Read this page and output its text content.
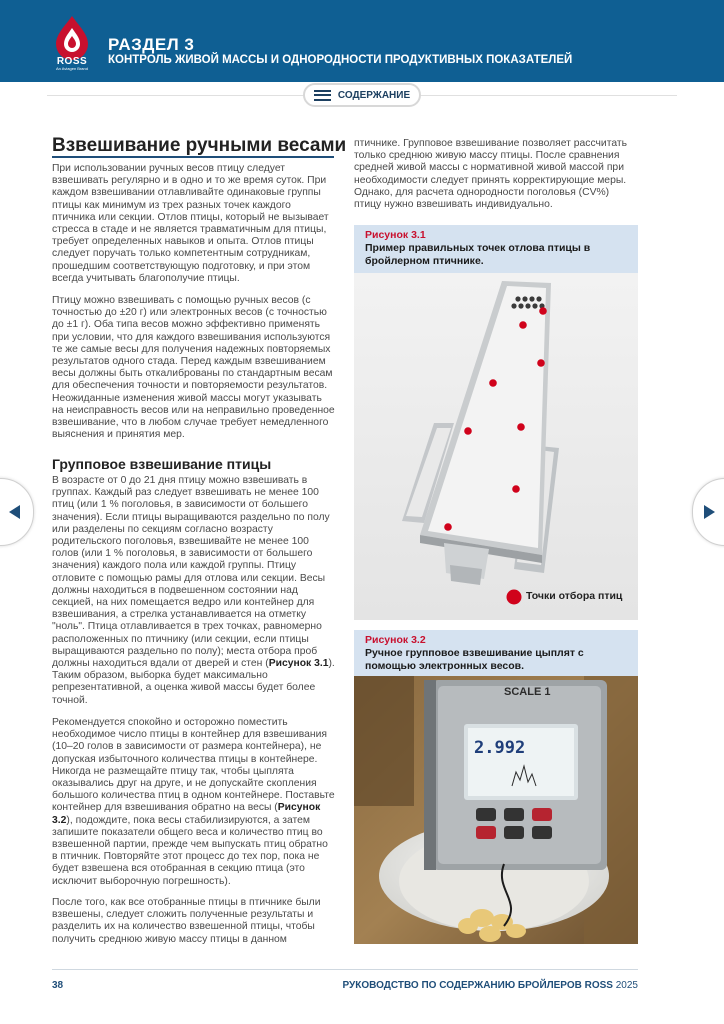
ROSS
An Aviagen Brand
РАЗДЕЛ 3
КОНТРОЛЬ ЖИВОЙ МАССЫ И ОДНОРОДНОСТИ ПРОДУКТИВНЫХ ПОКАЗАТЕЛЕЙ
СОДЕРЖАНИЕ
Взвешивание ручными весами

При использовании ручных весов птицу следует взвешивать регулярно и в одно и то же время суток. При каждом взвешивании отлавливайте одинаковые группы птицы как минимум из трех разных точек каждого птичника или секции. Отлов птицы, который не вызывает стресса в стаде и не является травматичным для птицы, требует определенных навыков и опыта. Отлов птицы следует поручать только компетентным сотрудникам, прошедшим соответствующую подготовку, и при этом всегда учитывать благополучие птицы.

Птицу можно взвешивать с помощью ручных весов (с точностью до ±20 г) или электронных весов (с точностью до ±1 г). Оба типа весов можно эффективно применять при условии, что для каждого взвешивания используются те же самые весы для получения надежных повторяемых результатов одного стада. Перед каждым взвешиванием весы должны быть откалиброваны по стандартным весам для обеспечения точности и повторяемости результатов. Неожиданные изменения живой массы могут указывать на неисправность весов или на неправильно проведенное взвешивание, что в любом случае требует немедленного выяснения и принятия мер.

Групповое взвешивание птицы

В возрасте от 0 до 21 дня птицу можно взвешивать в группах. Каждый раз следует взвешивать не менее 100 птиц (или 1 % поголовья, в зависимости от большего значения). Если птицы выращиваются раздельно по полу или разделены по секциям согласно возрасту родительского поголовья, взвешивайте не менее 100 голов (или 1 % поголовья, в зависимости от большего значения) каждого пола или каждой группы. Птицу отловите с помощью рамы для отлова или секции. Весы должны находиться в подвешенном состоянии над секцией, на них помещается ведро или контейнер для взвешивания, а стрелка устанавливается на отметку "ноль". Птица отлавливается в трех точках, равномерно расположенных по птичнику (или секции, если птицы выращиваются раздельно по полу); места отбора проб должны находиться вдали от дверей и стен (Рисунок 3.1). Таким образом, выборка будет максимально репрезентативной, а оценка живой массы будет более точной.

Рекомендуется спокойно и осторожно поместить необходимое число птицы в контейнер для взвешивания (10–20 голов в зависимости от размера контейнера), не допуская избыточного количества птицы в контейнере. Никогда не размещайте птицу так, чтобы цыплята оказывались друг на друге, и не допускайте скопления большого количества птиц в одном контейнере. Поставьте контейнер для взвешивания обратно на весы (Рисунок 3.2), подождите, пока весы стабилизируются, а затем запишите показатели общего веса и количество птиц во взвешенной партии, прежде чем выпускать птиц обратно в птичник. Повторяйте этот процесс до тех пор, пока не будет взвешена вся отобранная в секцию птица (это исключит выборочную погрешность).

После того, как все отобранные птицы в птичнике были взвешены, следует сложить полученные результаты и разделить их на количество взвешенной птицы, чтобы получить среднюю живую массу птицы в данном

птичнике. Групповое взвешивание позволяет рассчитать только среднюю живую массу птицы. После сравнения средней живой массы с нормативной живой массой при необходимости следует принять корректирующие меры. Однако, для расчета однородности поголовья (CV%) птицу нужно взвешивать индивидуально.

Рисунок 3.1
Пример правильных точек отлова птицы в бройлерном птичнике.
Точки отбора птиц
Рисунок 3.2
Ручное групповое взвешивание цыплят с помощью электронных весов.
SCALE 1
2.992
38	РУКОВОДСТВО ПО СОДЕРЖАНИЮ БРОЙЛЕРОВ ROSS 2025
